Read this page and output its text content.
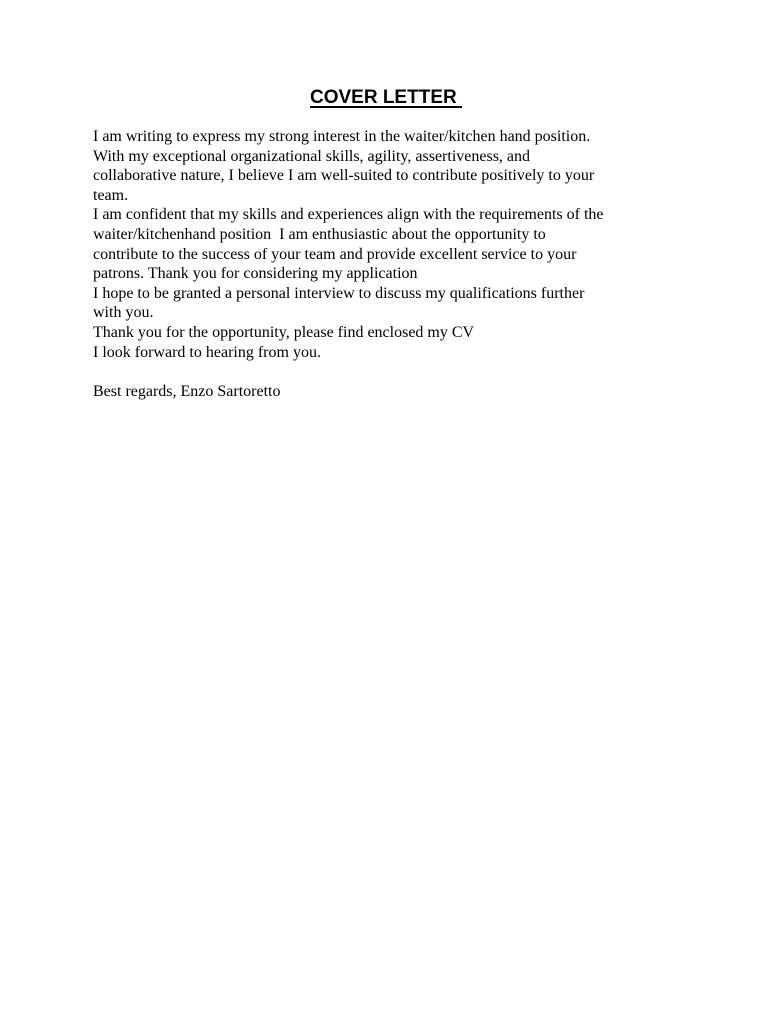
COVER LETTER
I am writing to express my strong interest in the waiter/kitchen hand position.
With my exceptional organizational skills, agility, assertiveness, and
collaborative nature, I believe I am well-suited to contribute positively to your
team.
I am confident that my skills and experiences align with the requirements of the
waiter/kitchenhand position  I am enthusiastic about the opportunity to
contribute to the success of your team and provide excellent service to your
patrons. Thank you for considering my application
I hope to be granted a personal interview to discuss my qualifications further
with you.
Thank you for the opportunity, please find enclosed my CV
I look forward to hearing from you.
Best regards, Enzo Sartoretto
